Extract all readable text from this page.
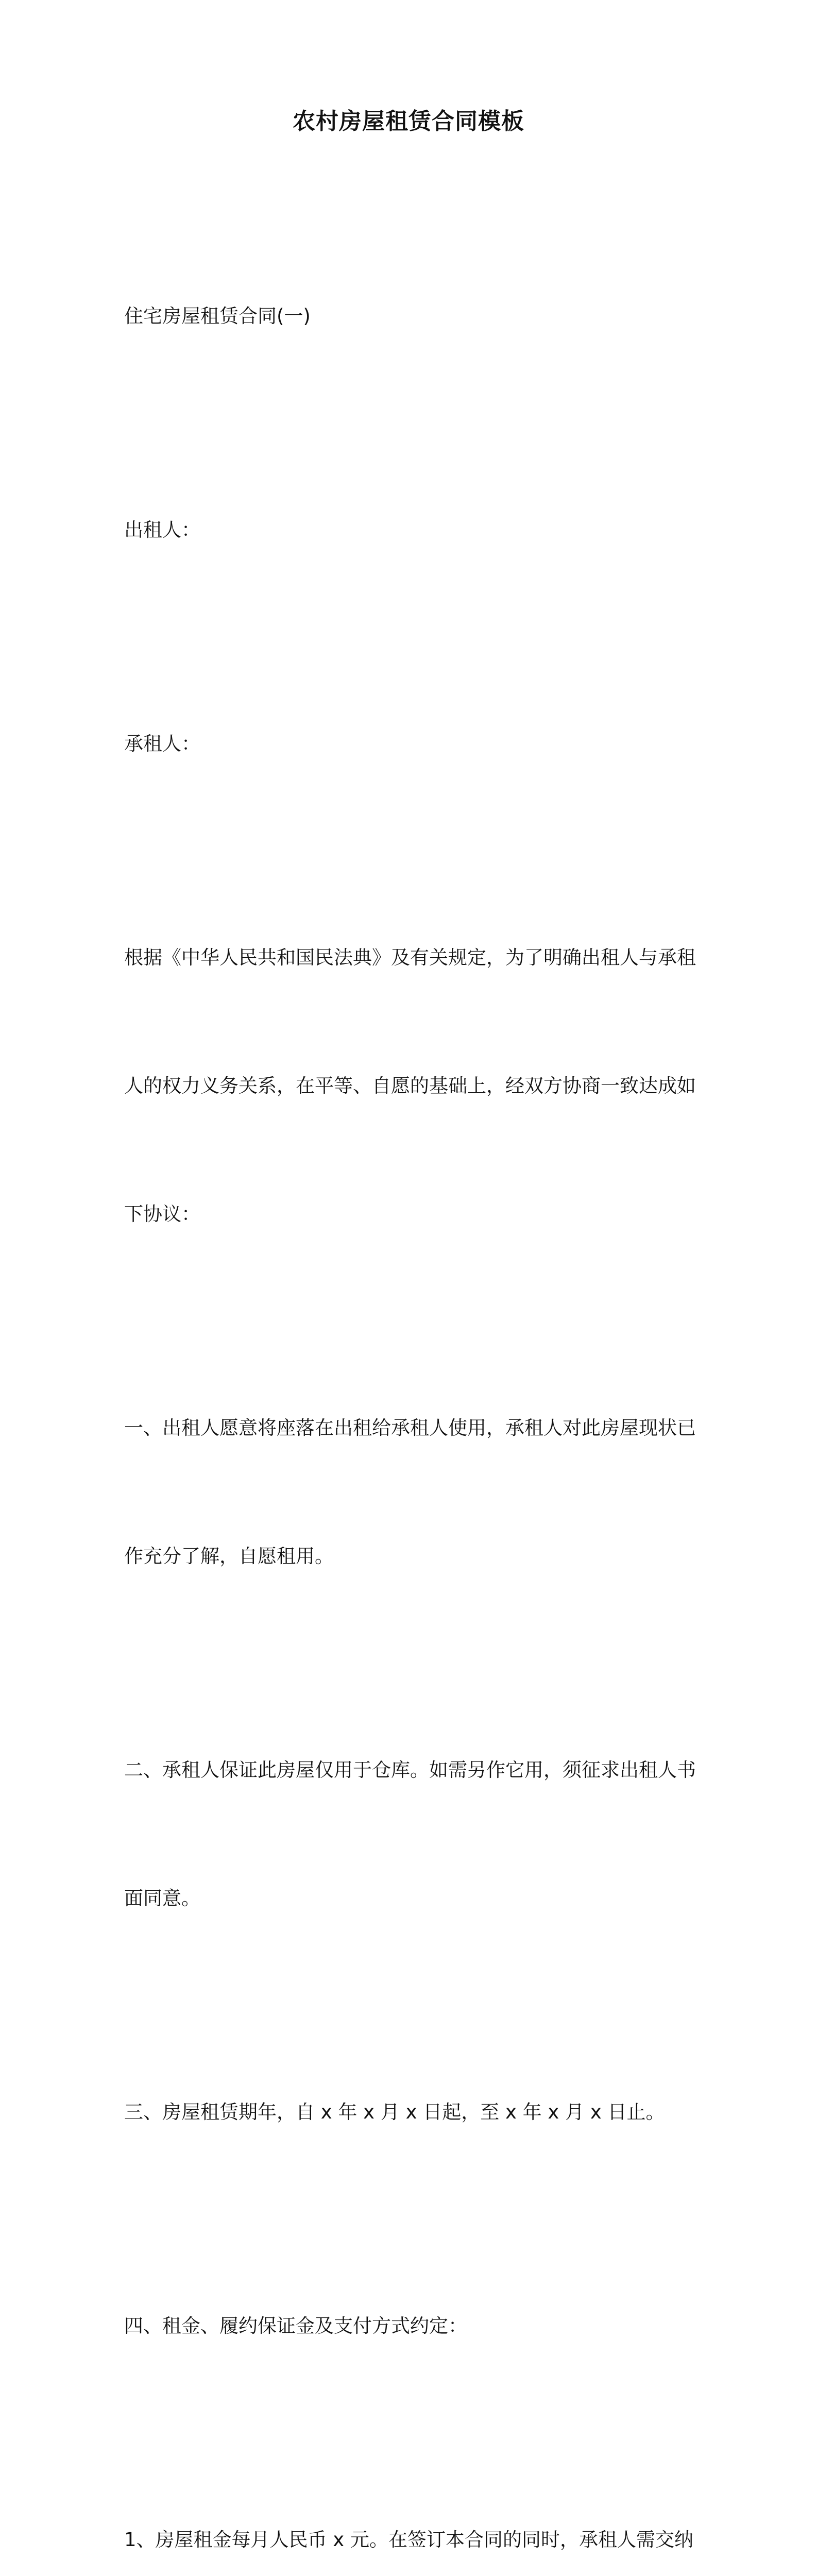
农村房屋租赁合同模板

住宅房屋租赁合同(一)

出租人：

承租人：

根据《中华人民共和国民法典》及有关规定，为了明确出租人与承租

人的权力义务关系，在平等、自愿的基础上，经双方协商一致达成如

下协议：

一、出租人愿意将座落在出租给承租人使用，承租人对此房屋现状已

作充分了解，自愿租用。

二、承租人保证此房屋仅用于仓库。如需另作它用，须征求出租人书

面同意。

三、房屋租赁期年，自 x 年 x 月 x 日起，至 x 年 x 月 x 日止。

四、租金、履约保证金及支付方式约定：

1、房屋租金每月人民币 x 元。在签订本合同的同时，承租人需交纳
